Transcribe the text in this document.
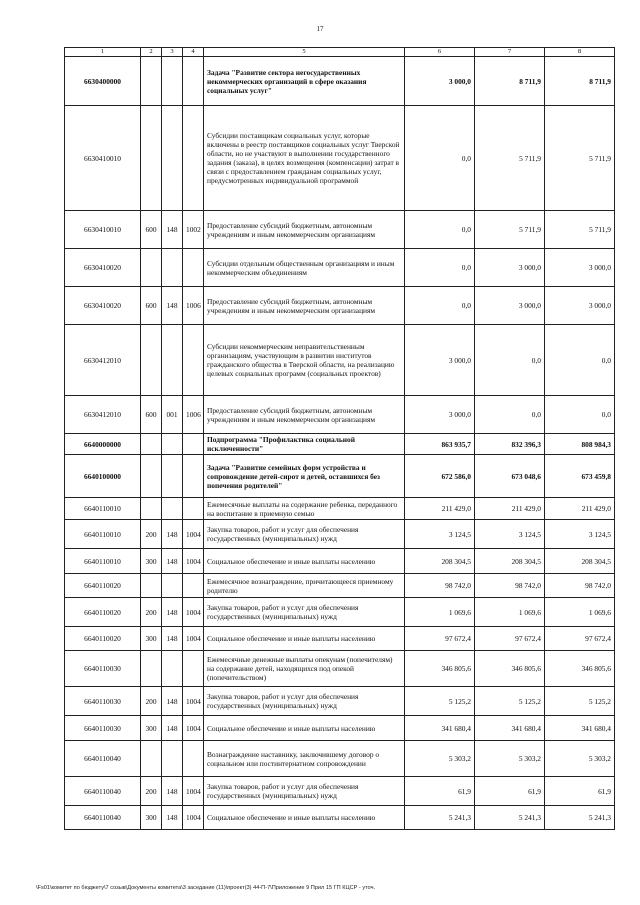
17
1	2	3	4	5	6	7	8
6630400000				Задача "Развитие сектора негосударственных некоммерческих организаций в сфере оказания социальных услуг"	3 000,0	8 711,9	8 711,9
6630410010				Субсидии поставщикам социальных услуг, которые включены в реестр поставщиков социальных услуг Тверской области, но не участвуют в выполнении государственного задания (заказа), в целях возмещения (компенсации) затрат в связи с предоставлением гражданам социальных услуг, предусмотренных индивидуальной программой	0,0	5 711,9	5 711,9
6630410010	600	148	1002	Предоставление субсидий бюджетным, автономным учреждениям и иным некоммерческим организациям	0,0	5 711,9	5 711,9
6630410020				Субсидии отдельным общественным организациям и иным некоммерческим объединениям	0,0	3 000,0	3 000,0
6630410020	600	148	1006	Предоставление субсидий бюджетным, автономным учреждениям и иным некоммерческим организациям	0,0	3 000,0	3 000,0
6630412010				Субсидии некоммерческим неправительственным организациям, участвующим в развитии институтов гражданского общества в Тверской области, на реализацию целевых социальных программ (социальных проектов)	3 000,0	0,0	0,0
6630412010	600	001	1006	Предоставление субсидий бюджетным, автономным учреждениям и иным некоммерческим организациям	3 000,0	0,0	0,0
6640000000				Подпрограмма "Профилактика социальной исключенности"	863 935,7	832 396,3	808 984,3
6640100000				Задача "Развитие семейных форм устройства и сопровождение детей-сирот и детей, оставшихся без попечения родителей"	672 586,0	673 048,6	673 459,8
6640110010				Ежемесячные выплаты на содержание ребенка, переданного на воспитание в приемную семью	211 429,0	211 429,0	211 429,0
6640110010	200	148	1004	Закупка товаров, работ и услуг для обеспечения государственных (муниципальных) нужд	3 124,5	3 124,5	3 124,5
6640110010	300	148	1004	Социальное обеспечение и иные выплаты населению	208 304,5	208 304,5	208 304,5
6640110020				Ежемесячное вознаграждение, причитающееся приемному родителю	98 742,0	98 742,0	98 742,0
6640110020	200	148	1004	Закупка товаров, работ и услуг для обеспечения государственных (муниципальных) нужд	1 069,6	1 069,6	1 069,6
6640110020	300	148	1004	Социальное обеспечение и иные выплаты населению	97 672,4	97 672,4	97 672,4
6640110030				Ежемесячные денежные выплаты опекунам (попечителям) на содержание детей, находящихся под опекой (попечительством)	346 805,6	346 805,6	346 805,6
6640110030	200	148	1004	Закупка товаров, работ и услуг для обеспечения государственных (муниципальных) нужд	5 125,2	5 125,2	5 125,2
6640110030	300	148	1004	Социальное обеспечение и иные выплаты населению	341 680,4	341 680,4	341 680,4
6640110040				Вознаграждение наставнику, заключившему договор о социальном или постинтернатном сопровождении	5 303,2	5 303,2	5 303,2
6640110040	200	148	1004	Закупка товаров, работ и услуг для обеспечения государственных (муниципальных) нужд	61,9	61,9	61,9
6640110040	300	148	1004	Социальное обеспечение и иные выплаты населению	5 241,3	5 241,3	5 241,3
\Fs01\комитет по бюджету\7 созыв\Документы комитета\3 заседание (11)\проект(3) 44-П-7\Приложение 9 Прил 15 ГП КЦСР - уточ.
